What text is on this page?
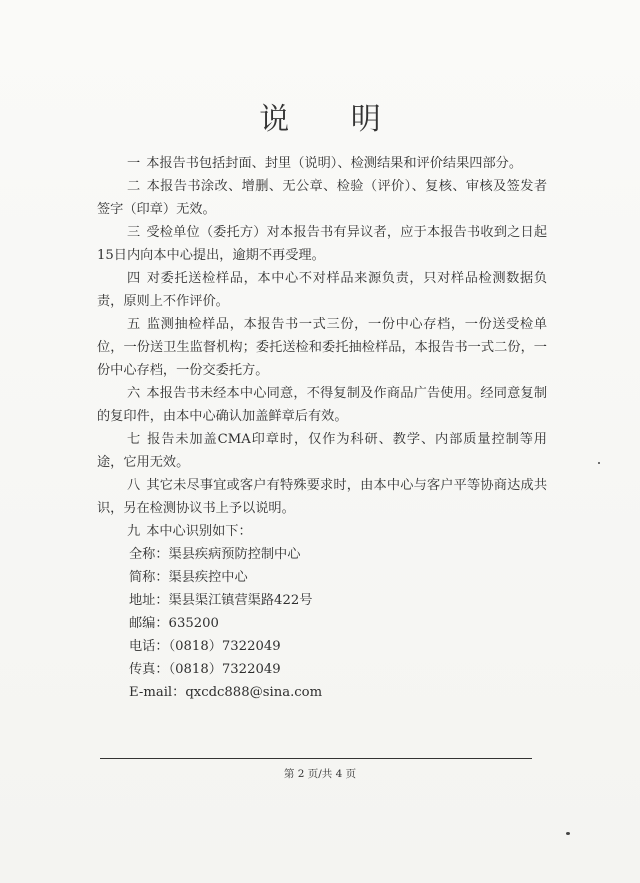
说 明

一 本报告书包括封面、封里（说明）、检测结果和评价结果四部分。

二 本报告书涂改、增删、无公章、检验（评价）、复核、审核及签发者签字（印章）无效。

三 受检单位（委托方）对本报告书有异议者，应于本报告书收到之日起15日内向本中心提出，逾期不再受理。

四 对委托送检样品，本中心不对样品来源负责，只对样品检测数据负责，原则上不作评价。

五 监测抽检样品，本报告书一式三份，一份中心存档，一份送受检单位，一份送卫生监督机构；委托送检和委托抽检样品，本报告书一式二份，一份中心存档，一份交委托方。

六 本报告书未经本中心同意，不得复制及作商品广告使用。经同意复制的复印件，由本中心确认加盖鲜章后有效。

七 报告未加盖CMA印章时，仅作为科研、教学、内部质量控制等用途，它用无效。

八 其它未尽事宜或客户有特殊要求时，由本中心与客户平等协商达成共识，另在检测协议书上予以说明。

九 本中心识别如下：

全称：渠县疾病预防控制中心
简称：渠县疾控中心
地址：渠县渠江镇营渠路422号
邮编：635200
电话：（0818）7322049
传真：（0818）7322049
E-mail：qxcdc888@sina.com
第 2 页/共 4 页
